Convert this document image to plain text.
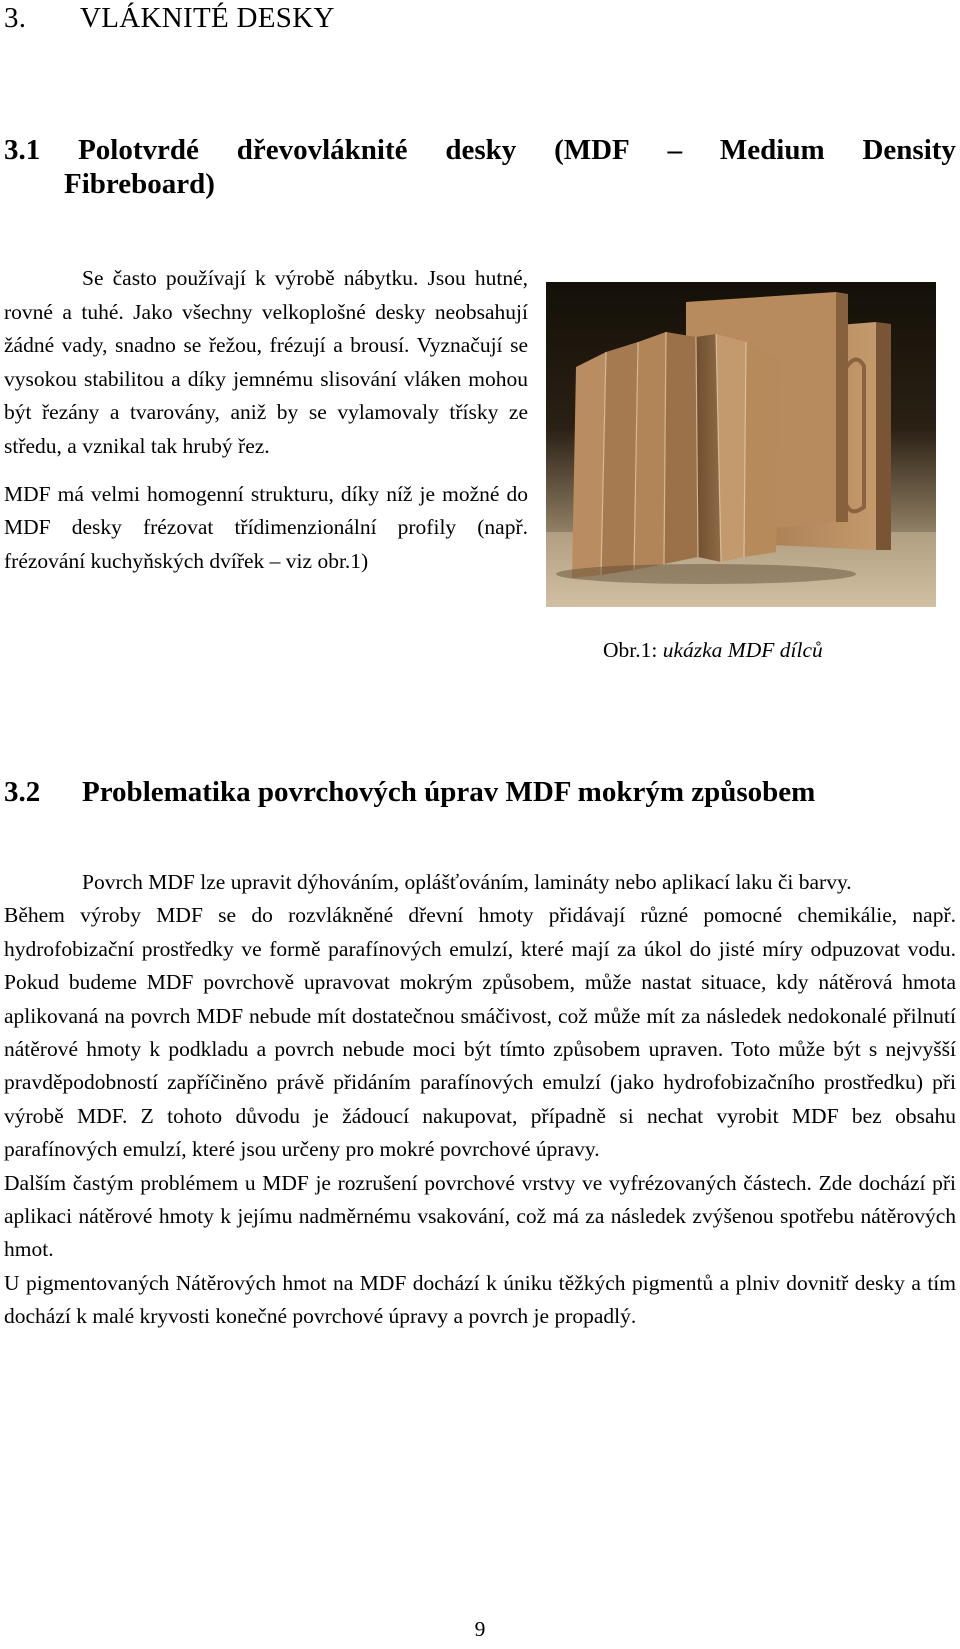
3. VLÁKNITÉ DESKY
3.1 Polotvrdé dřevovláknité desky (MDF – Medium Density
Fibreboard)

Se často používají k výrobě nábytku. Jsou hutné, rovné a tuhé. Jako všechny velkoplošné desky neobsahují žádné vady, snadno se řežou, frézují a brousí. Vyznačují se vysokou stabilitou a díky jemnému slisování vláken mohou být řezány a tvarovány, aniž by se vylamovaly třísky ze středu, a vznikal tak hrubý řez.

MDF má velmi homogenní strukturu, díky níž je možné do MDF desky frézovat třídimenzionální profily (např. frézování kuchyňských dvířek – viz obr.1)

Obr.1: ukázka MDF dílců
3.2 Problematika povrchových úprav MDF mokrým způsobem

Povrch MDF lze upravit dýhováním, oplášťováním, lamináty nebo aplikací laku či barvy.

Během výroby MDF se do rozvlákněné dřevní hmoty přidávají různé pomocné chemikálie, např. hydrofobizační prostředky ve formě parafínových emulzí, které mají za úkol do jisté míry odpuzovat vodu. Pokud budeme MDF povrchově upravovat mokrým způsobem, může nastat situace, kdy nátěrová hmota aplikovaná na povrch MDF nebude mít dostatečnou smáčivost, což může mít za následek nedokonalé přilnutí nátěrové hmoty k podkladu a povrch nebude moci být tímto způsobem upraven. Toto může být s nejvyšší pravděpodobností zapříčiněno právě přidáním parafínových emulzí (jako hydrofobizačního prostředku) při výrobě MDF. Z tohoto důvodu je žádoucí nakupovat, případně si nechat vyrobit MDF bez obsahu parafínových emulzí, které jsou určeny pro mokré povrchové úpravy.

Dalším častým problémem u MDF je rozrušení povrchové vrstvy ve vyfrézovaných částech. Zde dochází při aplikaci nátěrové hmoty k jejímu nadměrnému vsakování, což má za následek zvýšenou spotřebu nátěrových hmot.

U pigmentovaných Nátěrových hmot na MDF dochází k úniku těžkých pigmentů a plniv dovnitř desky a tím dochází k malé kryvosti konečné povrchové úpravy a povrch je propadlý.

9
